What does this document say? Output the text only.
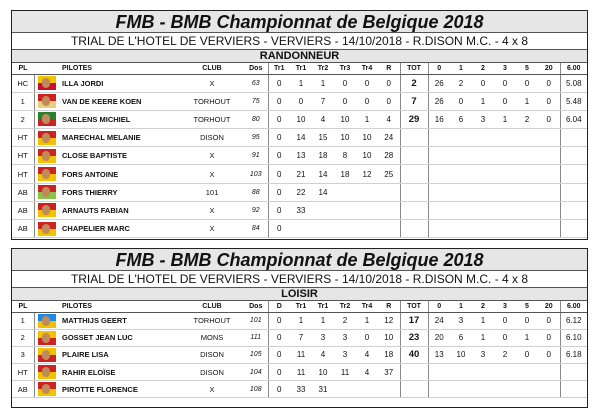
FMB - BMB Championnat de Belgique 2018
TRIAL DE L'HOTEL DE VERVIERS - VERVIERS - 14/10/2018 - R.DISON M.C. - 4 x 8
RANDONNEUR
PL		PILOTES	CLUB	Dos	Tr1	Tr1	Tr2	Tr3	Tr4	R	TOT	0	1	2	3	5	20	6.00
HC		ILLA JORDI	X	63	0	1	1	0	0	0	2	26	2	0	0	0	0	5.08
1		VAN DE KEERE KOEN	TORHOUT	75	0	0	7	0	0	0	7	26	0	1	0	1	0	5.48
2		SAELENS MICHIEL	TORHOUT	80	0	10	4	10	1	4	29	16	6	3	1	2	0	6.04
HT		MARECHAL MELANIE	DISON	95	0	14	15	10	10	24								
HT		CLOSE BAPTISTE	X	91	0	13	18	8	10	28								
HT		FORS ANTOINE	X	103	0	21	14	18	12	25								
AB		FORS THIERRY	101	88	0	22	14											
AB		ARNAUTS FABIAN	X	92	0	33												
AB		CHAPELIER MARC	X	84	0													
FMB - BMB Championnat de Belgique 2018
TRIAL DE L'HOTEL DE VERVIERS - VERVIERS - 14/10/2018 - R.DISON M.C. - 4 x 8
LOISIR
PL		PILOTES	CLUB	Dos	D	Tr1	Tr1	Tr2	Tr4	R	TOT	0	1	2	3	5	20	6.00
1		MATTHIJS GEERT	TORHOUT	101	0	1	1	2	1	12	17	24	3	1	0	0	0	6.12
2		GOSSET JEAN LUC	MONS	111	0	7	3	3	0	10	23	20	6	1	0	1	0	6.10
3		PLAIRE LISA	DISON	105	0	11	4	3	4	18	40	13	10	3	2	0	0	6.18
HT		RAHIR ELOÏSE	DISON	104	0	11	10	11	4	37								
AB		PIROTTE FLORENCE	X	108	0	33	31											
